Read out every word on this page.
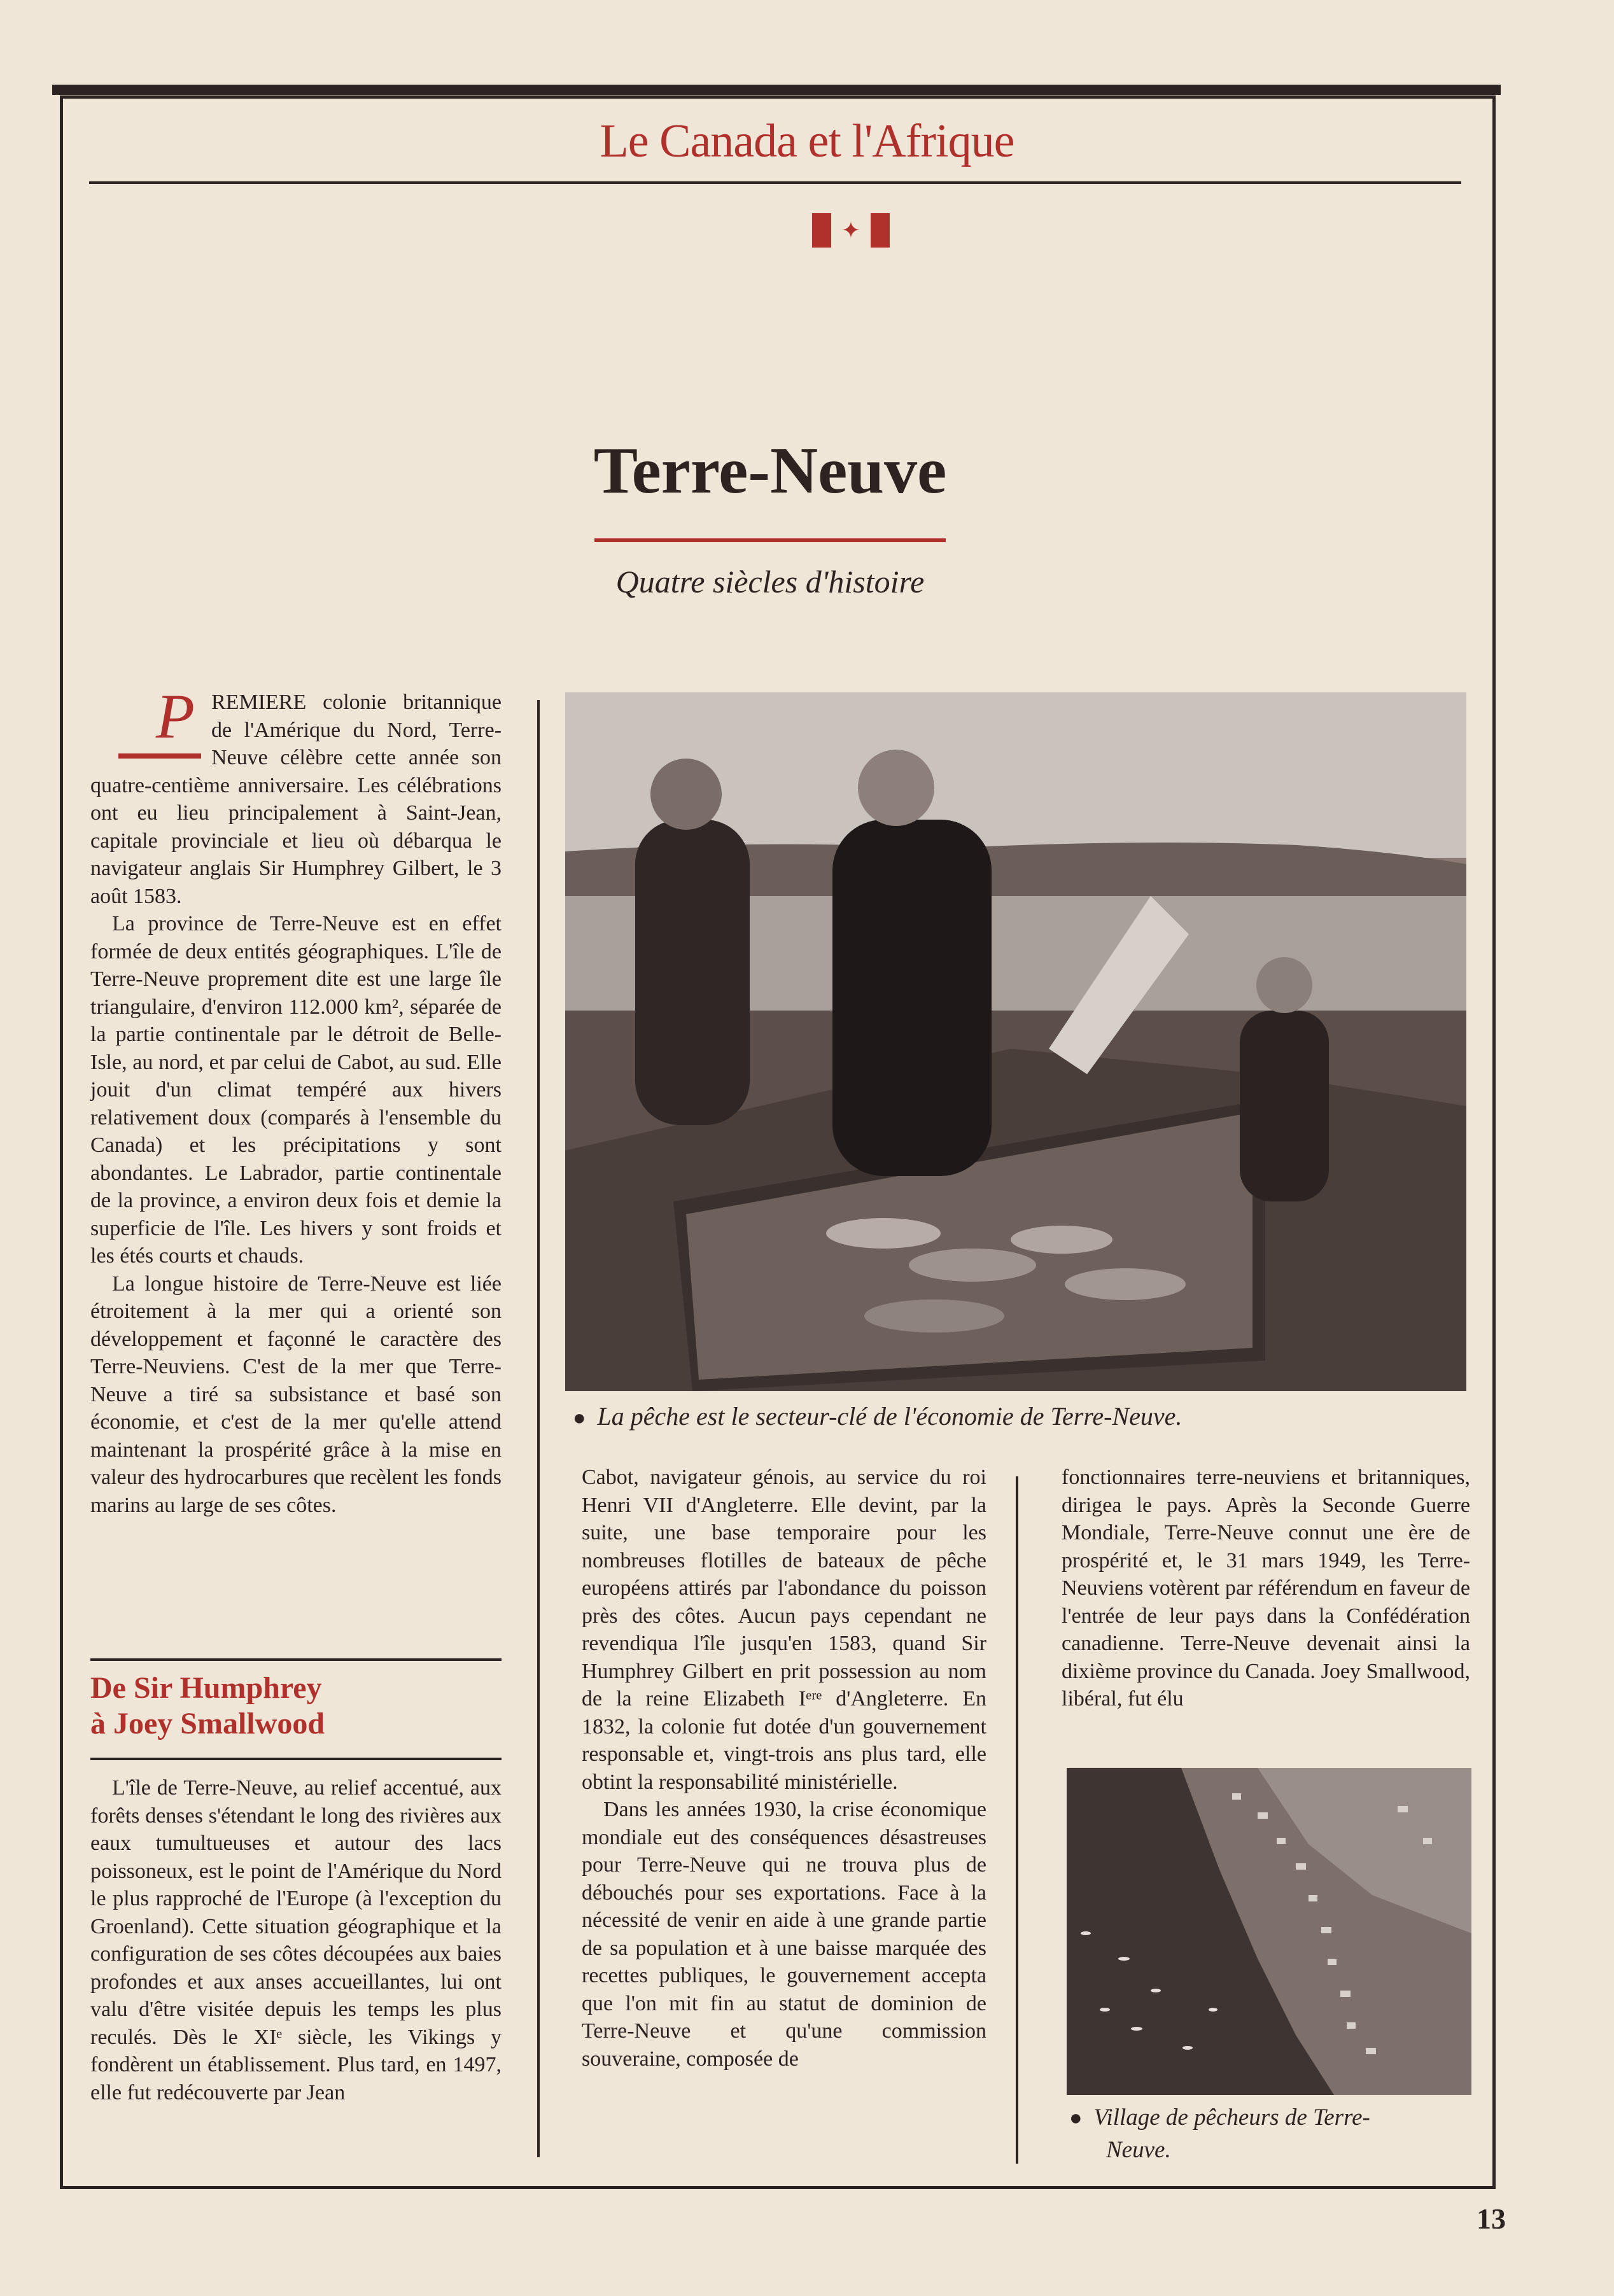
Le Canada et l'Afrique
✦
Terre-Neuve
Quatre siècles d'histoire
P REMIERE colonie britannique de l'Amérique du Nord, Terre-Neuve célèbre cette année son quatre-centième anniversaire. Les célébrations ont eu lieu principalement à Saint-Jean, capitale provinciale et lieu où débarqua le navigateur anglais Sir Humphrey Gilbert, le 3 août 1583.

La province de Terre-Neuve est en effet formée de deux entités géographiques. L'île de Terre-Neuve proprement dite est une large île triangulaire, d'environ 112.000 km², séparée de la partie continentale par le détroit de Belle-Isle, au nord, et par celui de Cabot, au sud. Elle jouit d'un climat tempéré aux hivers relativement doux (comparés à l'ensemble du Canada) et les précipitations y sont abondantes. Le Labrador, partie continentale de la province, a environ deux fois et demie la superficie de l'île. Les hivers y sont froids et les étés courts et chauds.

La longue histoire de Terre-Neuve est liée étroitement à la mer qui a orienté son développement et façonné le caractère des Terre-Neuviens. C'est de la mer que Terre-Neuve a tiré sa subsistance et basé son économie, et c'est de la mer qu'elle attend maintenant la prospérité grâce à la mise en valeur des hydrocarbures que recèlent les fonds marins au large de ses côtes.

De Sir Humphrey
à Joey Smallwood

L'île de Terre-Neuve, au relief accentué, aux forêts denses s'étendant le long des rivières aux eaux tumultueuses et autour des lacs poissoneux, est le point de l'Amérique du Nord le plus rapproché de l'Europe (à l'exception du Groenland). Cette situation géographique et la configuration de ses côtes découpées aux baies profondes et aux anses accueillantes, lui ont valu d'être visitée depuis les temps les plus reculés. Dès le XIᵉ siècle, les Vikings y fondèrent un établissement. Plus tard, en 1497, elle fut redécouverte par Jean

● La pêche est le secteur-clé de l'économie de Terre-Neuve.

Cabot, navigateur génois, au service du roi Henri VII d'Angleterre. Elle devint, par la suite, une base temporaire pour les nombreuses flotilles de bateaux de pêche européens attirés par l'abondance du poisson près des côtes. Aucun pays cependant ne revendiqua l'île jusqu'en 1583, quand Sir Humphrey Gilbert en prit possession au nom de la reine Elizabeth Iᵉʳᵉ d'Angleterre. En 1832, la colonie fut dotée d'un gouvernement responsable et, vingt-trois ans plus tard, elle obtint la responsabilité ministérielle.

Dans les années 1930, la crise économique mondiale eut des conséquences désastreuses pour Terre-Neuve qui ne trouva plus de débouchés pour ses exportations. Face à la nécessité de venir en aide à une grande partie de sa population et à une baisse marquée des recettes publiques, le gouvernement accepta que l'on mit fin au statut de dominion de Terre-Neuve et qu'une commission souveraine, composée de

fonctionnaires terre-neuviens et britanniques, dirigea le pays. Après la Seconde Guerre Mondiale, Terre-Neuve connut une ère de prospérité et, le 31 mars 1949, les Terre-Neuviens votèrent par référendum en faveur de l'entrée de leur pays dans la Confédération canadienne. Terre-Neuve devenait ainsi la dixième province du Canada. Joey Smallwood, libéral, fut élu

● Village de pêcheurs de Terre-
Neuve.
13
